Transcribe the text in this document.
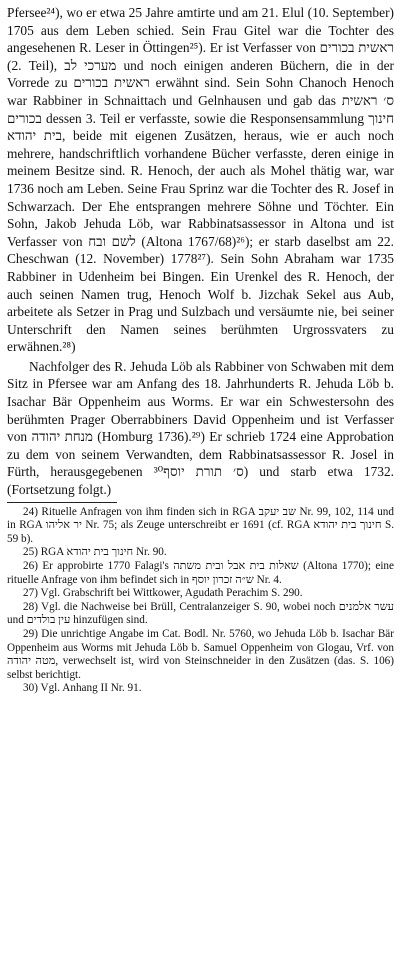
Pfersee²⁴), wo er etwa 25 Jahre amtirte und am 21. Elul (10. September) 1705 aus dem Leben schied. Sein Frau Gitel war die Tochter des angesehenen R. Leser in Öttingen²⁵). Er ist Verfasser von ראשית בכורים (2. Teil), מערכי לב und noch einigen anderen Büchern, die in der Vorrede zu ראשית בכורים erwähnt sind. Sein Sohn Chanoch Henoch war Rabbiner in Schnaittach und Gelnhausen und gab das ס׳ ראשית בכורים dessen 3. Teil er verfasste, sowie die Responsensammlung חינוך בית יהודא, beide mit eigenen Zusätzen, heraus, wie er auch noch mehrere, handschriftlich vorhandene Bücher verfasste, deren einige in meinem Besitze sind. R. Henoch, der auch als Mohel thätig war, war 1736 noch am Leben. Seine Frau Sprinz war die Tochter des R. Josef in Schwarzach. Der Ehe entsprangen mehrere Söhne und Töchter. Ein Sohn, Jakob Jehuda Löb, war Rabbinatsassessor in Altona und ist Verfasser von לשם ובח (Altona 1767/68)²⁶); er starb daselbst am 22. Cheschwan (12. November) 1778²⁷). Sein Sohn Abraham war 1735 Rabbiner in Udenheim bei Bingen. Ein Urenkel des R. Henoch, der auch seinen Namen trug, Henoch Wolf b. Jizchak Sekel aus Aub, arbeitete als Setzer in Prag und Sulzbach und versäumte nie, bei seiner Unterschrift den Namen seines berühmten Urgrossvaters zu erwähnen.²⁸)

Nachfolger des R. Jehuda Löb als Rabbiner von Schwaben mit dem Sitz in Pfersee war am Anfang des 18. Jahrhunderts R. Jehuda Löb b. Isachar Bär Oppenheim aus Worms. Er war ein Schwestersohn des berühmten Prager Oberrabbiners David Oppenheim und ist Verfasser von מנחת יהודה (Homburg 1736).²⁹) Er schrieb 1724 eine Approbation zu dem von seinem Verwandten, dem Rabbinatsassessor R. Josel in Fürth, herausgegebenen ס׳ תורת יוסף³⁰) und starb etwa 1732. (Fortsetzung folgt.)

24) Rituelle Anfragen von ihm finden sich in RGA שב יעקב Nr. 99, 102, 114 und in RGA יר אליהו Nr. 75; als Zeuge unterschreibt er 1691 (cf. RGA חינוך בית יהודא S. 59 b).

25) RGA חינוך בית יהודא Nr. 90.

26) Er approbirte 1770 Falagi's שאלות בית אבל ובית משתה (Altona 1770); eine rituelle Anfrage von ihm befindet sich in ש״ה זכרון יוסף Nr. 4.

27) Vgl. Grabschrift bei Wittkower, Agudath Perachim S. 290.

28) Vgl. die Nachweise bei Brüll, Centralanzeiger S. 90, wobei noch עשר אלמנים und עין בולדים hinzufügen sind.

29) Die unrichtige Angabe im Cat. Bodl. Nr. 5760, wo Jehuda Löb b. Isachar Bär Oppenheim aus Worms mit Jehuda Löb b. Samuel Oppenheim von Glogau, Vrf. von מטה יהודה, verwechselt ist, wird von Steinschneider in den Zusätzen (das. S. 106) selbst berichtigt.

30) Vgl. Anhang II Nr. 91.
